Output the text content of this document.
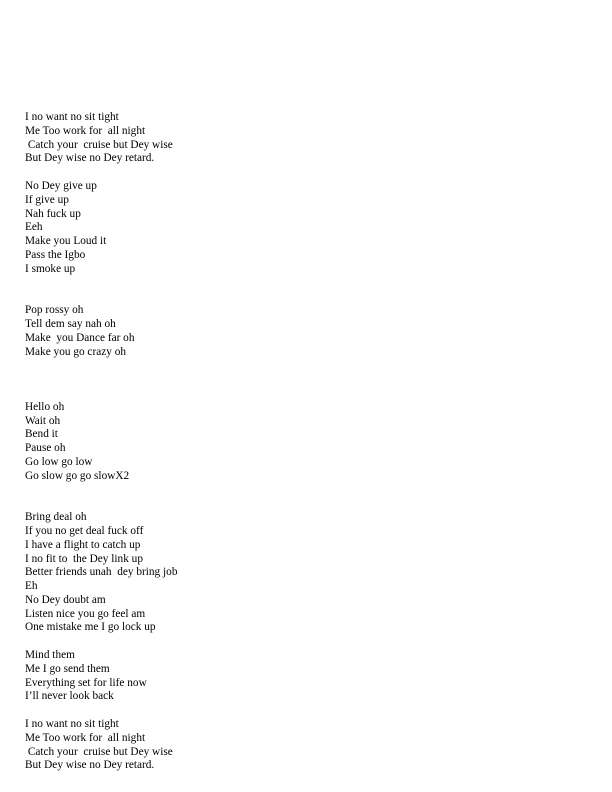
I no want no sit tight
Me Too work for  all night
Catch your  cruise but Dey wise
But Dey wise no Dey retard.
No Dey give up
If give up
Nah fuck up
Eeh
Make you Loud it
Pass the Igbo
I smoke up
Pop rossy oh
Tell dem say nah oh
Make  you Dance far oh
Make you go crazy oh
Hello oh
Wait oh
Bend it
Pause oh
Go low go low
Go slow go go slowX2
Bring deal oh
If you no get deal fuck off
I have a flight to catch up
I no fit to  the Dey link up
Better friends unah  dey bring job
Eh
No Dey doubt am
Listen nice you go feel am
One mistake me I go lock up
Mind them
Me I go send them
Everything set for life now
I’ll never look back
I no want no sit tight
Me Too work for  all night
Catch your  cruise but Dey wise
But Dey wise no Dey retard.
